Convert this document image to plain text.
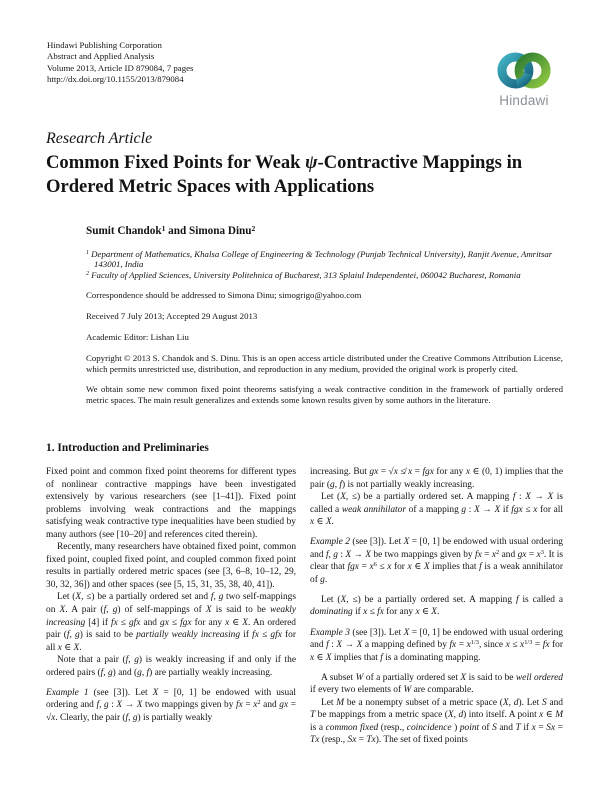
Hindawi Publishing Corporation
Abstract and Applied Analysis
Volume 2013, Article ID 879084, 7 pages
http://dx.doi.org/10.1155/2013/879084
Hindawi
Research Article
Common Fixed Points for Weak ψ-Contractive Mappings in Ordered Metric Spaces with Applications
Sumit Chandok$^1$ and Simona Dinu$^2$
$^1$ Department of Mathematics, Khalsa College of Engineering & Technology (Punjab Technical University), Ranjit Avenue, Amritsar 143001, India
$^2$ Faculty of Applied Sciences, University Politehnica of Bucharest, 313 Splaiul Independentei, 060042 Bucharest, Romania
Correspondence should be addressed to Simona Dinu; simogrigo@yahoo.com
Received 7 July 2013; Accepted 29 August 2013
Academic Editor: Lishan Liu
Copyright © 2013 S. Chandok and S. Dinu. This is an open access article distributed under the Creative Commons Attribution License, which permits unrestricted use, distribution, and reproduction in any medium, provided the original work is properly cited.
We obtain some new common fixed point theorems satisfying a weak contractive condition in the framework of partially ordered metric spaces. The main result generalizes and extends some known results given by some authors in the literature.
1. Introduction and Preliminaries

Fixed point and common fixed point theorems for different types of nonlinear contractive mappings have been investigated extensively by various researchers (see [1–41]). Fixed point problems involving weak contractions and the mappings satisfying weak contractive type inequalities have been studied by many authors (see [10–20] and references cited therein).

Recently, many researchers have obtained fixed point, common fixed point, coupled fixed point, and coupled common fixed point results in partially ordered metric spaces (see [3, 6–8, 10–12, 29, 30, 32, 36]) and other spaces (see [5, 15, 31, 35, 38, 40, 41]).

Let (X, ≤) be a partially ordered set and f, g two self-mappings on X. A pair (f, g) of self-mappings of X is said to be weakly increasing [4] if fx ≤ gfx and gx ≤ fgx for any x ∈ X. An ordered pair (f, g) is said to be partially weakly increasing if fx ≤ gfx for all x ∈ X.

Note that a pair (f, g) is weakly increasing if and only if the ordered pairs (f, g) and (g, f) are partially weakly increasing.

Example 1 (see [3]). Let X = [0, 1] be endowed with usual ordering and f, g : X → X two mappings given by fx = $x^2$ and gx = √x. Clearly, the pair (f, g) is partially weakly

increasing. But gx = √x ≰ x = fgx for any x ∈ (0, 1) implies that the pair (g, f) is not partially weakly increasing.

Let (X, ≤) be a partially ordered set. A mapping f : X → X is called a weak annihilator of a mapping g : X → X if fgx ≤ x for all x ∈ X.

Example 2 (see [3]). Let X = [0, 1] be endowed with usual ordering and f, g : X → X be two mappings given by fx = $x^2$ and gx = $x^3$. It is clear that fgx = $x^6 \le x$ for x ∈ X implies that f is a weak annihilator of g.

Let (X, ≤) be a partially ordered set. A mapping f is called a dominating if x ≤ fx for any x ∈ X.

Example 3 (see [3]). Let X = [0, 1] be endowed with usual ordering and f : X → X a mapping defined by fx = $x^{1/3}$, since $x \le x^{1/3}$ = fx for x ∈ X implies that f is a dominating mapping.

A subset W of a partially ordered set X is said to be well ordered if every two elements of W are comparable.

Let M be a nonempty subset of a metric space (X, d). Let S and T be mappings from a metric space (X, d) into itself. A point x ∈ M is a common fixed (resp., coincidence ) point of S and T if x = Sx = Tx (resp., Sx = Tx). The set of fixed points
